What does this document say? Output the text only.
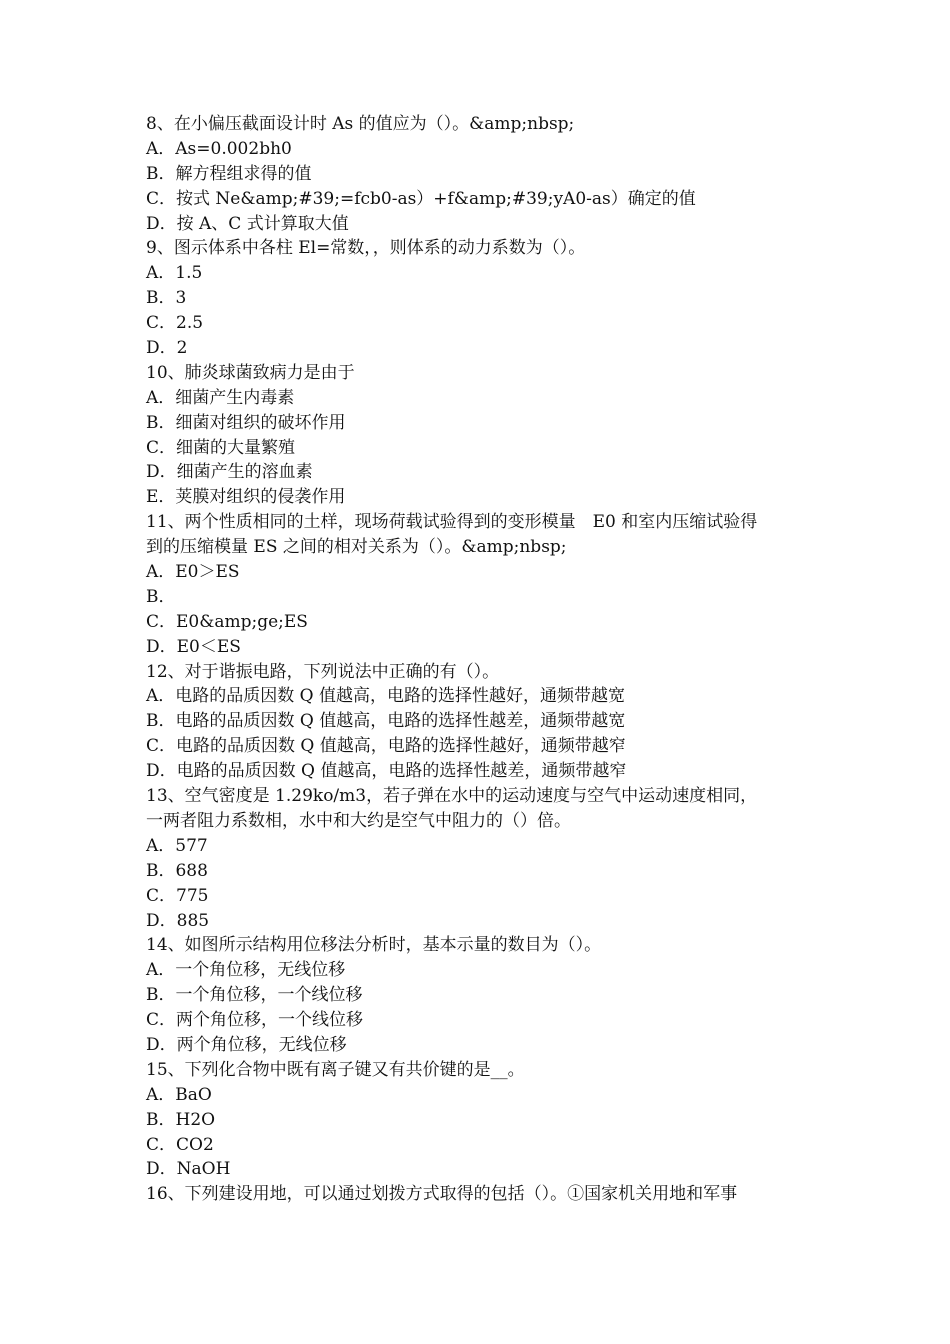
8、在小偏压截面设计时 As 的值应为（）。&amp;nbsp;
A．As=0.002bh0
B．解方程组求得的值
C．按式 Ne&amp;#39;=fcb0-as）+f&amp;#39;yA0-as）确定的值
D．按 A、C 式计算取大值
9、图示体系中各柱 El=常数，，则体系的动力系数为（）。
A．1.5
B．3
C．2.5
D．2
10、肺炎球菌致病力是由于
A．细菌产生内毒素
B．细菌对组织的破坏作用
C．细菌的大量繁殖
D．细菌产生的溶血素
E．荚膜对组织的侵袭作用
11、两个性质相同的土样，现场荷载试验得到的变形模量　E0 和室内压缩试验得
到的压缩模量 ES 之间的相对关系为（）。&amp;nbsp;
A．E0＞ES
B．
C．E0&amp;ge;ES
D．E0＜ES
12、对于谐振电路，下列说法中正确的有（）。
A．电路的品质因数 Q 值越高，电路的选择性越好，通频带越宽
B．电路的品质因数 Q 值越高，电路的选择性越差，通频带越宽
C．电路的品质因数 Q 值越高，电路的选择性越好，通频带越窄
D．电路的品质因数 Q 值越高，电路的选择性越差，通频带越窄
13、空气密度是 1.29ko/m3，若子弹在水中的运动速度与空气中运动速度相同，
一两者阻力系数相，水中和大约是空气中阻力的（）倍。
A．577
B．688
C．775
D．885
14、如图所示结构用位移法分析时，基本示量的数目为（）。
A．一个角位移，无线位移
B．一个角位移，一个线位移
C．两个角位移，一个线位移
D．两个角位移，无线位移
15、下列化合物中既有离子键又有共价键的是__。
A．BaO
B．H2O
C．CO2
D．NaOH
16、下列建设用地，可以通过划拨方式取得的包括（）。①国家机关用地和军事
